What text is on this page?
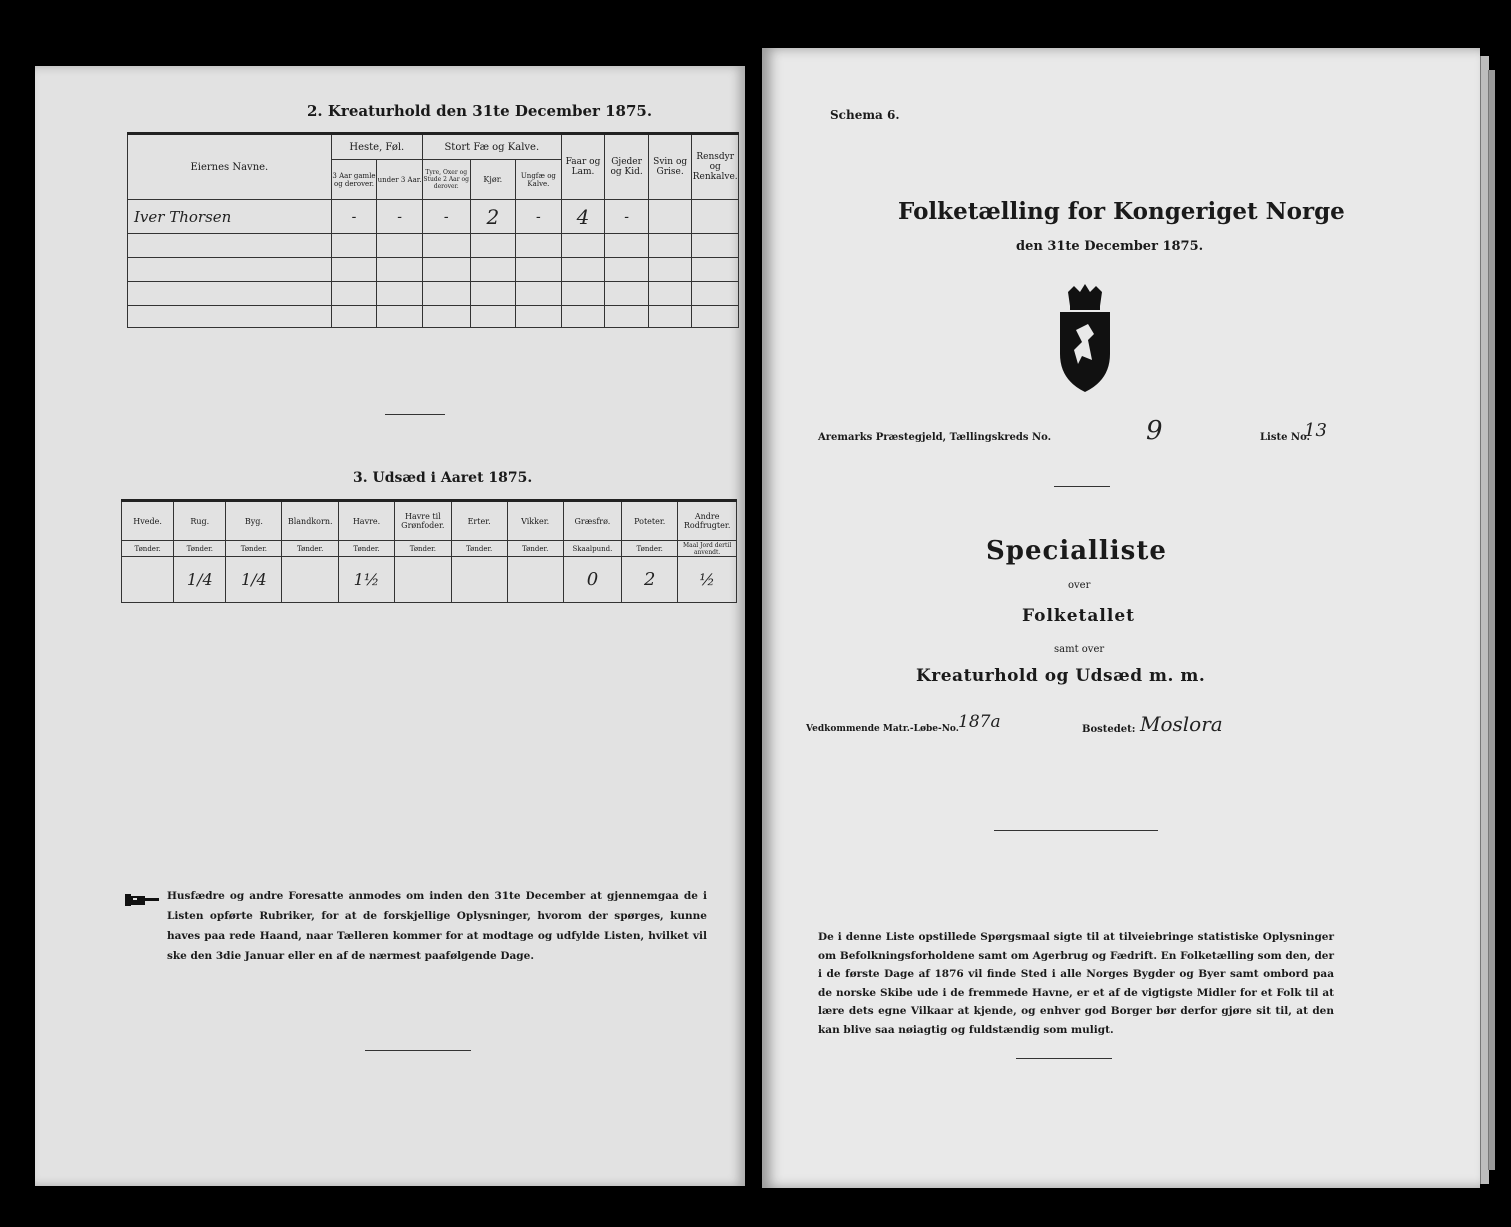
2. Kreaturhold den 31te December 1875.
Eiernes Navne.	Heste, Føl.		Stort Fæ og Kalve.			Faar og Lam.	Gjeder og Kid.	Svin og Grise.	Rensdyr og Renkalve.
	3 Aar gamle og derover.	under 3 Aar.	Tyre, Oxer og Stude 2 Aar og derover.	Kjør.	Ungfæ og Kalve.				
Iver Thorsen	-	-	-	2	-	4	-		

3. Udsæd i Aaret 1875.
Hvede.	Rug.	Byg.	Blandkorn.	Havre.	Havre til Grønfoder.	Erter.	Vikker.	Græsfrø.	Poteter.	Andre Rodfrugter.
Tønder.	Tønder.	Tønder.	Tønder.	Tønder.	Tønder.	Tønder.	Tønder.	Skaalpund.	Tønder.	Maal Jord dertil anvendt.
	1/4	1/4		1½				0	2	½
Husfædre og andre Foresatte anmodes om inden den 31te December at gjennemgaa de i Listen opførte Rubriker, for at de forskjellige Oplysninger, hvorom der spørges, kunne haves paa rede Haand, naar Tælleren kommer for at modtage og udfylde Listen, hvilket vil ske den 3die Januar eller en af de nærmest paafølgende Dage.
Schema 6.
Folketælling for Kongeriget Norge
den 31te December 1875.
Aremarks Præstegjeld, Tællingskreds No.	9	Liste No.
13
Specialliste
over
Folketallet
samt over
Kreaturhold og Udsæd m. m.
Vedkommende Matr.-Løbe-No. 187a	Bostedet: Moslora
De i denne Liste opstillede Spørgsmaal sigte til at tilveiebringe statistiske Oplysninger om Befolkningsforholdene samt om Agerbrug og Fædrift. En Folketælling som den, der i de første Dage af 1876 vil finde Sted i alle Norges Bygder og Byer samt ombord paa de norske Skibe ude i de fremmede Havne, er et af de vigtigste Midler for et Folk til at lære dets egne Vilkaar at kjende, og enhver god Borger bør derfor gjøre sit til, at den kan blive saa nøiagtig og fuldstændig som muligt.
